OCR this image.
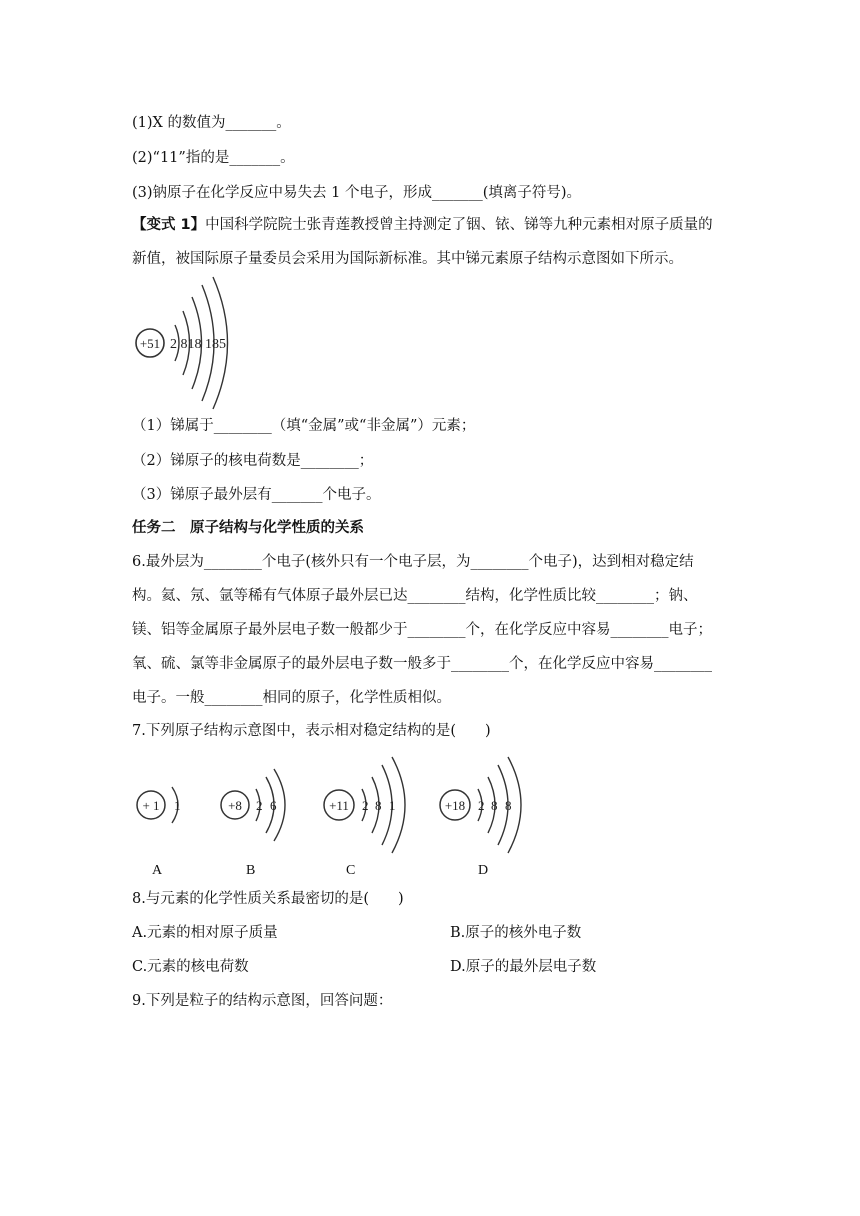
(1)X 的数值为_______。
(2)“11”指的是_______。
(3)钠原子在化学反应中易失去 1 个电子，形成_______(填离子符号)。
【变式 1】中国科学院院士张青莲教授曾主持测定了铟、铱、锑等九种元素相对原子质量的
新值，被国际原子量委员会采用为国际新标准。其中锑元素原子结构示意图如下所示。
+51 2 818 185
（1）锑属于________（填“金属”或“非金属”）元素；
（2）锑原子的核电荷数是________；
（3）锑原子最外层有_______个电子。
任务二　原子结构与化学性质的关系
6.最外层为________个电子(核外只有一个电子层，为________个电子)，达到相对稳定结
构。氦、氖、氩等稀有气体原子最外层已达________结构，化学性质比较________；钠、
镁、铝等金属原子最外层电子数一般都少于________个，在化学反应中容易________电子；
氧、硫、氯等非金属原子的最外层电子数一般多于________个，在化学反应中容易________
电子。一般________相同的原子，化学性质相似。
7.下列原子结构示意图中，表示相对稳定结构的是(　　)
+ 1 1
A
+8 2 6
B
+11 2 8 1
C
+18 2 8 8
D
8.与元素的化学性质关系最密切的是(　　)
A.元素的相对原子质量	B.原子的核外电子数
C.元素的核电荷数	D.原子的最外层电子数
9.下列是粒子的结构示意图，回答问题：
